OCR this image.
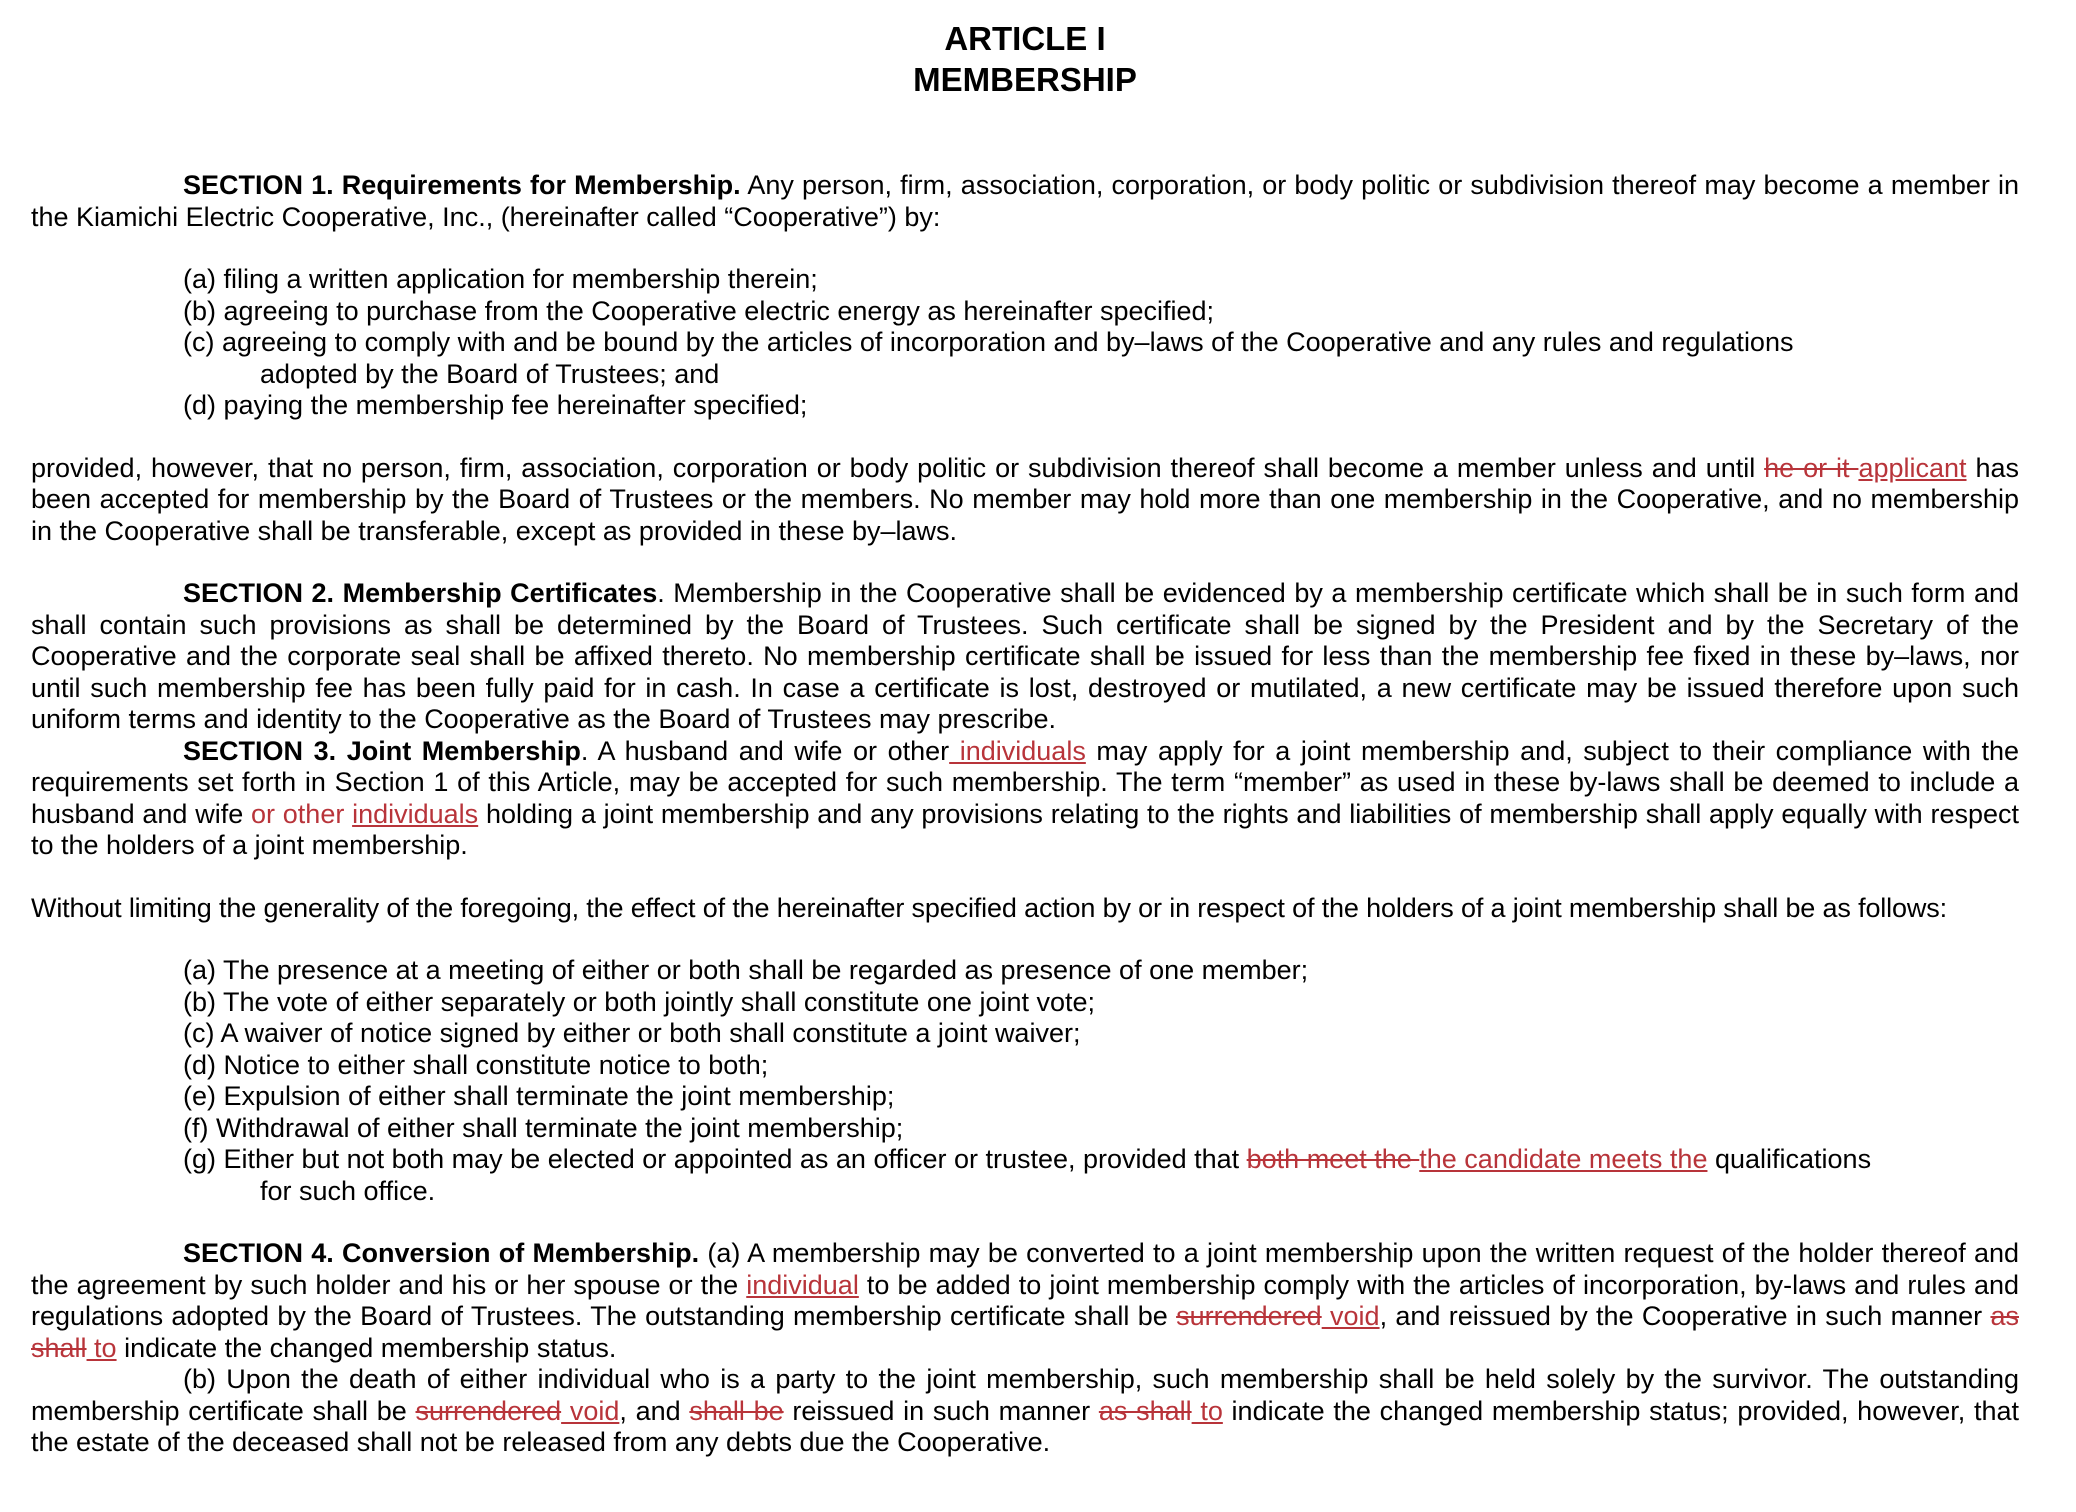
ARTICLE I

MEMBERSHIP

SECTION 1. Requirements for Membership. Any person, firm, association, corporation, or body politic or subdivision thereof may become a member in the Kiamichi Electric Cooperative, Inc., (hereinafter called “Cooperative”) by:

(a) filing a written application for membership therein;

(b) agreeing to purchase from the Cooperative electric energy as hereinafter specified;

(c) agreeing to comply with and be bound by the articles of incorporation and by–laws of the Cooperative and any rules and regulations

adopted by the Board of Trustees; and

(d) paying the membership fee hereinafter specified;

provided, however, that no person, firm, association, corporation or body politic or subdivision thereof shall become a member unless and until he or it applicant has been accepted for membership by the Board of Trustees or the members. No member may hold more than one membership in the Cooperative, and no membership in the Cooperative shall be transferable, except as provided in these by–laws.

SECTION 2. Membership Certificates. Membership in the Cooperative shall be evidenced by a membership certificate which shall be in such form and shall contain such provisions as shall be determined by the Board of Trustees. Such certificate shall be signed by the President and by the Secretary of the Cooperative and the corporate seal shall be affixed thereto. No membership certificate shall be issued for less than the membership fee fixed in these by–laws, nor until such membership fee has been fully paid for in cash. In case a certificate is lost, destroyed or mutilated, a new certificate may be issued therefore upon such uniform terms and identity to the Cooperative as the Board of Trustees may prescribe.

SECTION 3. Joint Membership. A husband and wife or other individuals may apply for a joint membership and, subject to their compliance with the requirements set forth in Section 1 of this Article, may be accepted for such membership. The term “member” as used in these by-laws shall be deemed to include a husband and wife or other individuals holding a joint membership and any provisions relating to the rights and liabilities of membership shall apply equally with respect to the holders of a joint membership.

Without limiting the generality of the foregoing, the effect of the hereinafter specified action by or in respect of the holders of a joint membership shall be as follows:

(a) The presence at a meeting of either or both shall be regarded as presence of one member;

(b) The vote of either separately or both jointly shall constitute one joint vote;

(c) A waiver of notice signed by either or both shall constitute a joint waiver;

(d) Notice to either shall constitute notice to both;

(e) Expulsion of either shall terminate the joint membership;

(f) Withdrawal of either shall terminate the joint membership;

(g) Either but not both may be elected or appointed as an officer or trustee, provided that both meet the the candidate meets the qualifications

for such office.

SECTION 4. Conversion of Membership. (a) A membership may be converted to a joint membership upon the written request of the holder thereof and the agreement by such holder and his or her spouse or the individual to be added to joint membership comply with the articles of incorporation, by-laws and rules and regulations adopted by the Board of Trustees. The outstanding membership certificate shall be surrendered void, and reissued by the Cooperative in such manner as shall to indicate the changed membership status.

(b) Upon the death of either individual who is a party to the joint membership, such membership shall be held solely by the survivor. The outstanding membership certificate shall be surrendered void, and shall be reissued in such manner as shall to indicate the changed membership status; provided, however, that the estate of the deceased shall not be released from any debts due the Cooperative.
